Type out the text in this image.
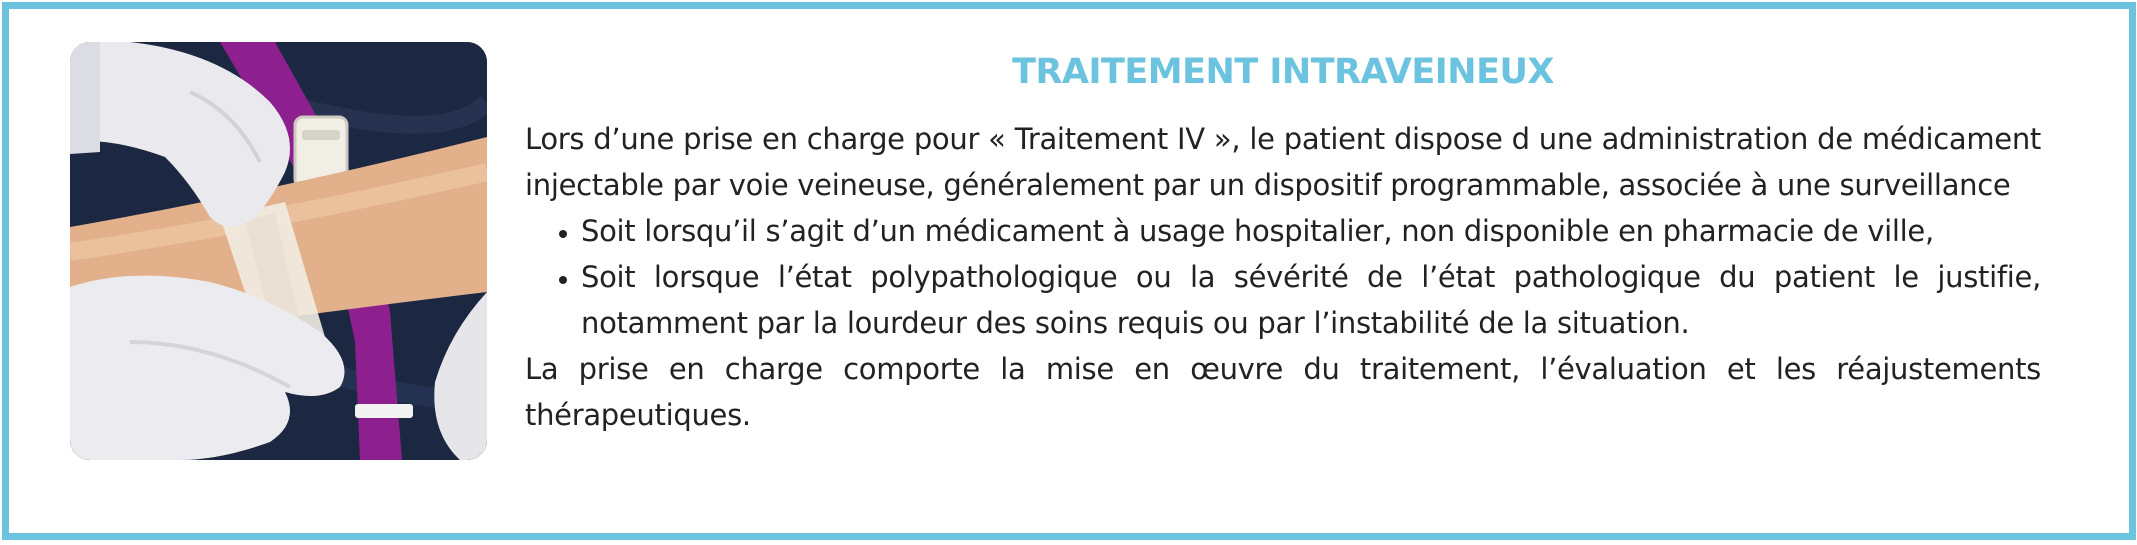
TRAITEMENT INTRAVEINEUX

Lors d’une prise en charge pour « Traitement IV », le patient dispose d une administration de médicament injectable par voie veineuse, généralement par un dispositif programmable, associée à une surveillance

• Soit lorsqu’il s’agit d’un médicament à usage hospitalier, non disponible en pharmacie de ville,
• Soit lorsque l’état polypathologique ou la sévérité de l’état pathologique du patient le justifie, notamment par la lourdeur des soins requis ou par l’instabilité de la situation.

La prise en charge comporte la mise en œuvre du traitement, l’évaluation et les réajustements thérapeutiques.
